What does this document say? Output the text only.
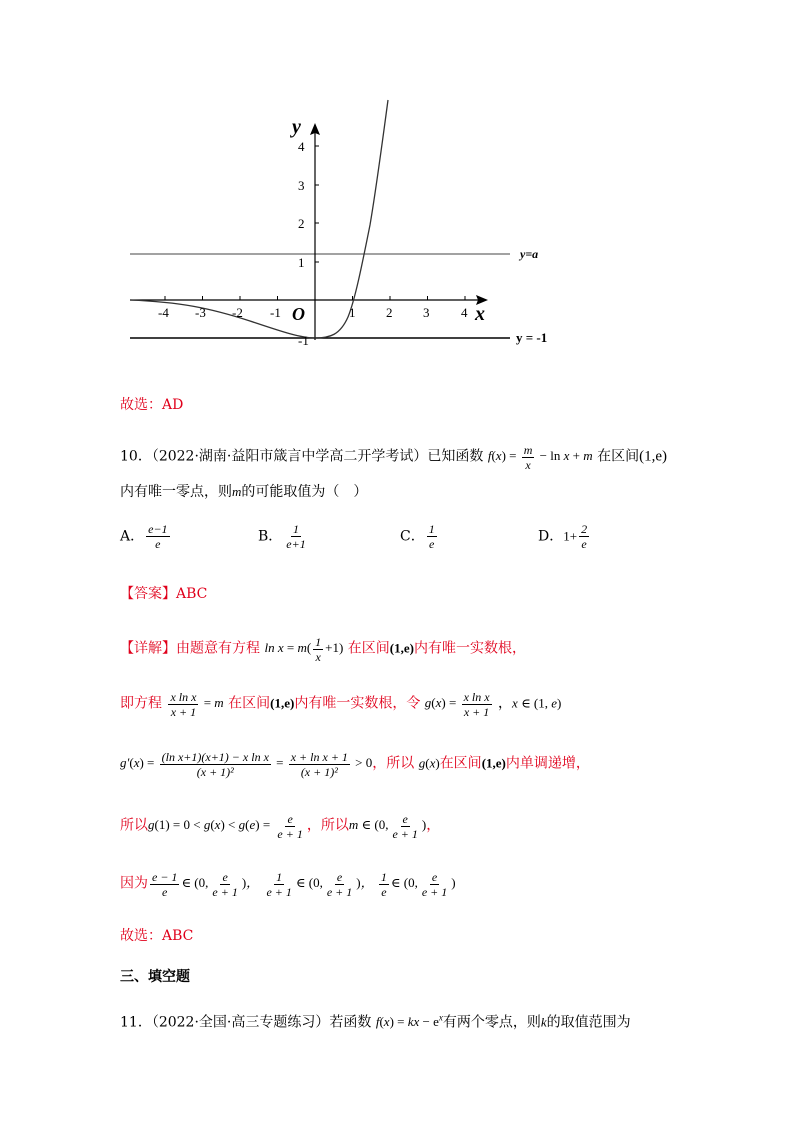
-4 -3 -2 -1	1 2 3 4
4
3
2
1
-1
O	x
y
y=a
y = -1
故选：AD
10．（2022·湖南·益阳市箴言中学高二开学考试）已知函数 $f(x) = \frac{m}{x} - \ln x + m$ 在区间(1,e)
内有唯一零点，则m的可能取值为（　）
A． $\frac{e-1}{e}$	B． $\frac{1}{e+1}$	C． $\frac{1}{e}$	D．$1+ \frac{2}{e}$
【答案】ABC
【详解】由题意有方程 $\ln x = m( \frac{1}{x} +1)$ 在区间(1,e)内有唯一实数根，
即方程 $\frac{\text{x ln x}}{x + 1} = m$ 在区间(1,e)内有唯一实数根，令 $g(x) = \frac{\text{x ln x}}{x + 1}$ ，x ∈ (1, e)
$g'(x) = \frac{\text{(ln x+1)(x+1) − x ln x}}{\text{(x + 1)²}} = \frac{\text{x + ln x + 1}}{\text{(x + 1)²}} > 0$，所以 g(x)在区间(1,e)内单调递增，
所以$g(1) = 0 < g(x) < g(e) = \frac{e}{e + 1}$ ，所以m ∈ (0, $\frac{e}{e + 1}$ )，
因为 $\frac{e - 1}{e}$ ∈ (0, $\frac{e}{e + 1}$ )， $\frac{1}{e + 1}$ ∈ (0, $\frac{e}{e + 1}$ )， $\frac{1}{e}$ ∈ (0, $\frac{e}{e + 1}$ )
故选：ABC
三、填空题
11．（2022·全国·高三专题练习）若函数 f(x) = kx − $e^x$有两个零点，则k的取值范围为
